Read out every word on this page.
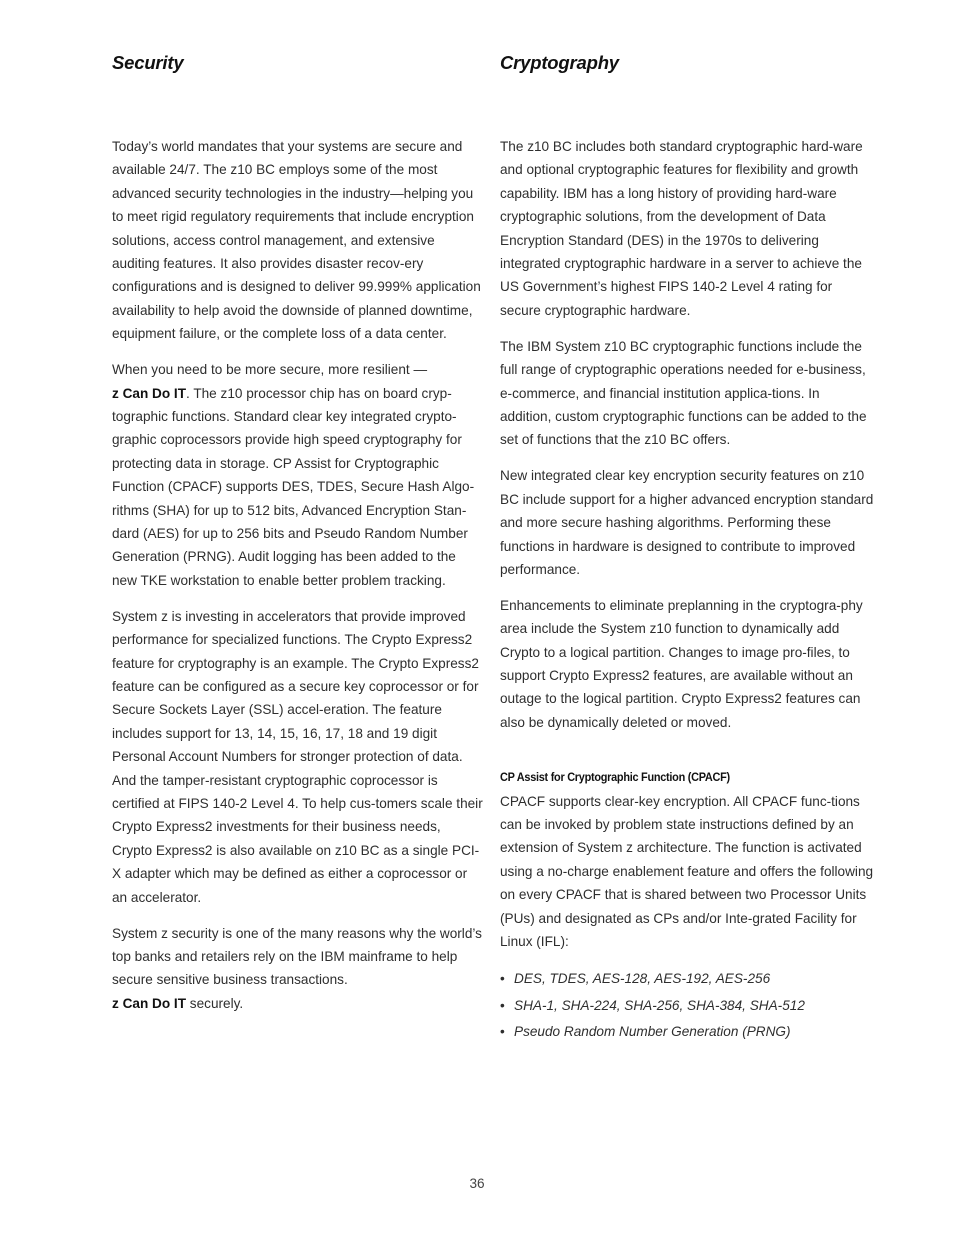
Security

Today’s world mandates that your systems are secure and available 24/7. The z10 BC employs some of the most advanced security technologies in the industry—helping you to meet rigid regulatory requirements that include encryption solutions, access control management, and extensive auditing features. It also provides disaster recov-ery configurations and is designed to deliver 99.999% application availability to help avoid the downside of planned downtime, equipment failure, or the complete loss of a data center.

When you need to be more secure, more resilient —
z Can Do IT. The z10 processor chip has on board cryp-tographic functions. Standard clear key integrated crypto-graphic coprocessors provide high speed cryptography for protecting data in storage. CP Assist for Cryptographic Function (CPACF) supports DES, TDES, Secure Hash Algo-rithms (SHA) for up to 512 bits, Advanced Encryption Stan-dard (AES) for up to 256 bits and Pseudo Random Number Generation (PRNG). Audit logging has been added to the new TKE workstation to enable better problem tracking.

System z is investing in accelerators that provide improved performance for specialized functions. The Crypto Express2 feature for cryptography is an example. The Crypto Express2 feature can be configured as a secure key coprocessor or for Secure Sockets Layer (SSL) accel-eration. The feature includes support for 13, 14, 15, 16, 17, 18 and 19 digit Personal Account Numbers for stronger protection of data. And the tamper-resistant cryptographic coprocessor is certified at FIPS 140-2 Level 4. To help cus-tomers scale their Crypto Express2 investments for their business needs, Crypto Express2 is also available on z10 BC as a single PCI-X adapter which may be defined as either a coprocessor or an accelerator.

System z security is one of the many reasons why the world’s top banks and retailers rely on the IBM mainframe to help secure sensitive business transactions.
z Can Do IT securely.

Cryptography

The z10 BC includes both standard cryptographic hard-ware and optional cryptographic features for flexibility and growth capability. IBM has a long history of providing hard-ware cryptographic solutions, from the development of Data Encryption Standard (DES) in the 1970s to delivering integrated cryptographic hardware in a server to achieve the US Government’s highest FIPS 140-2 Level 4 rating for secure cryptographic hardware.

The IBM System z10 BC cryptographic functions include the full range of cryptographic operations needed for e-business, e-commerce, and financial institution applica-tions. In addition, custom cryptographic functions can be added to the set of functions that the z10 BC offers.

New integrated clear key encryption security features on z10 BC include support for a higher advanced encryption standard and more secure hashing algorithms. Performing these functions in hardware is designed to contribute to improved performance.

Enhancements to eliminate preplanning in the cryptogra-phy area include the System z10 function to dynamically add Crypto to a logical partition. Changes to image pro-files, to support Crypto Express2 features, are available without an outage to the logical partition. Crypto Express2 features can also be dynamically deleted or moved.

CP Assist for Cryptographic Function (CPACF)

CPACF supports clear-key encryption. All CPACF func-tions can be invoked by problem state instructions defined by an extension of System z architecture. The function is activated using a no-charge enablement feature and offers the following on every CPACF that is shared between two Processor Units (PUs) and designated as CPs and/or Inte-grated Facility for Linux (IFL):

• DES, TDES, AES-128, AES-192, AES-256
• SHA-1, SHA-224, SHA-256, SHA-384, SHA-512
• Pseudo Random Number Generation (PRNG)
36
